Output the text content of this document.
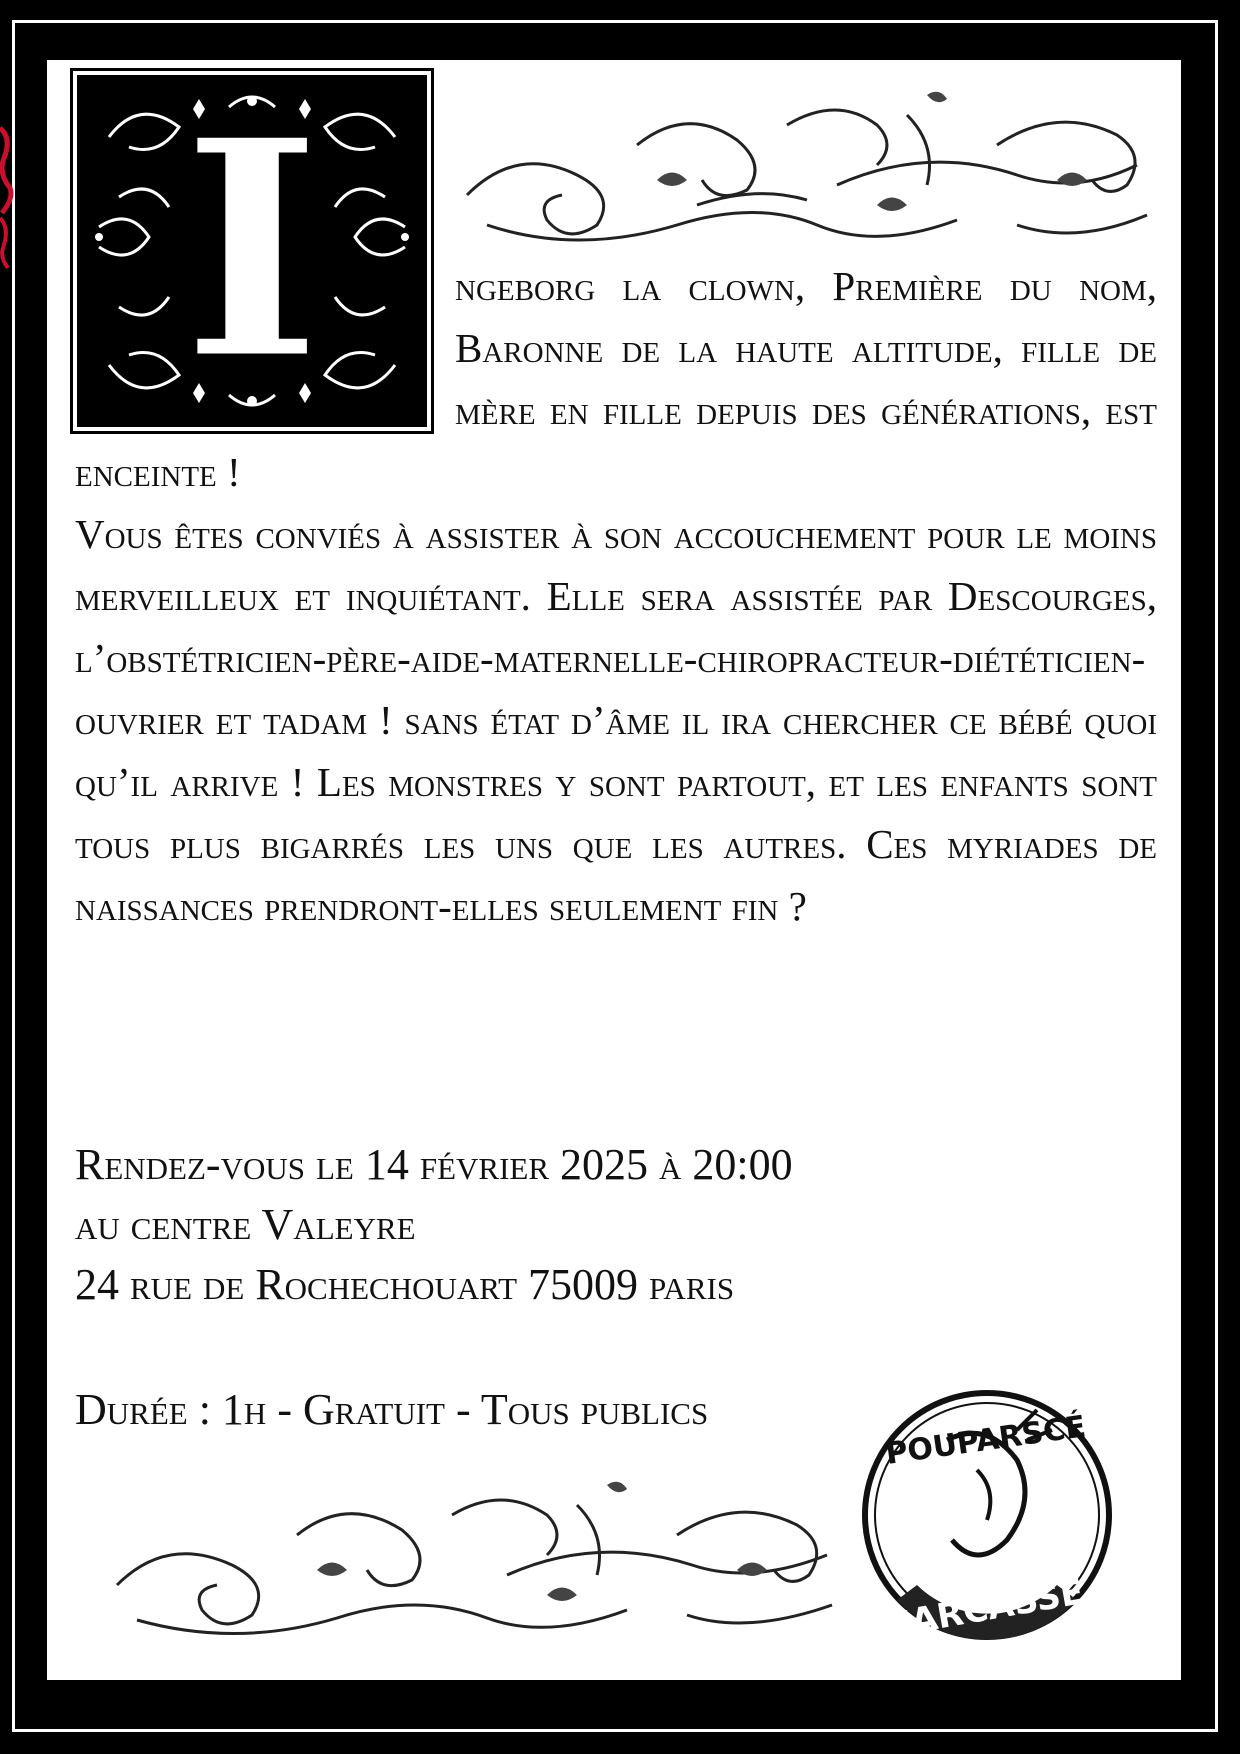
I	ngeborg la clown, Première du nom, Baronne de la haute altitude, fille de mère en fille depuis des générations, est enceinte !

Vous êtes conviés à assister à son accouchement pour le moins merveilleux et inquiétant. Elle sera assistée par Descourges, l’obstétricien-père-aide-maternelle-chiropracteur-diététicien-ouvrier et tadam ! sans état d’âme il ira chercher ce bébé quoi qu’il arrive ! Les monstres y sont partout, et les enfants sont tous plus bigarrés les uns que les autres. Ces myriades de naissances prendront-elles seulement fin ?

Rendez-vous le 14 février 2025 à 20:00

au centre Valeyre

24 rue de Rochechouart 75009 paris

Durée : 1h - Gratuit - Tous publics	POUPARSCÉ
CARCASSE
